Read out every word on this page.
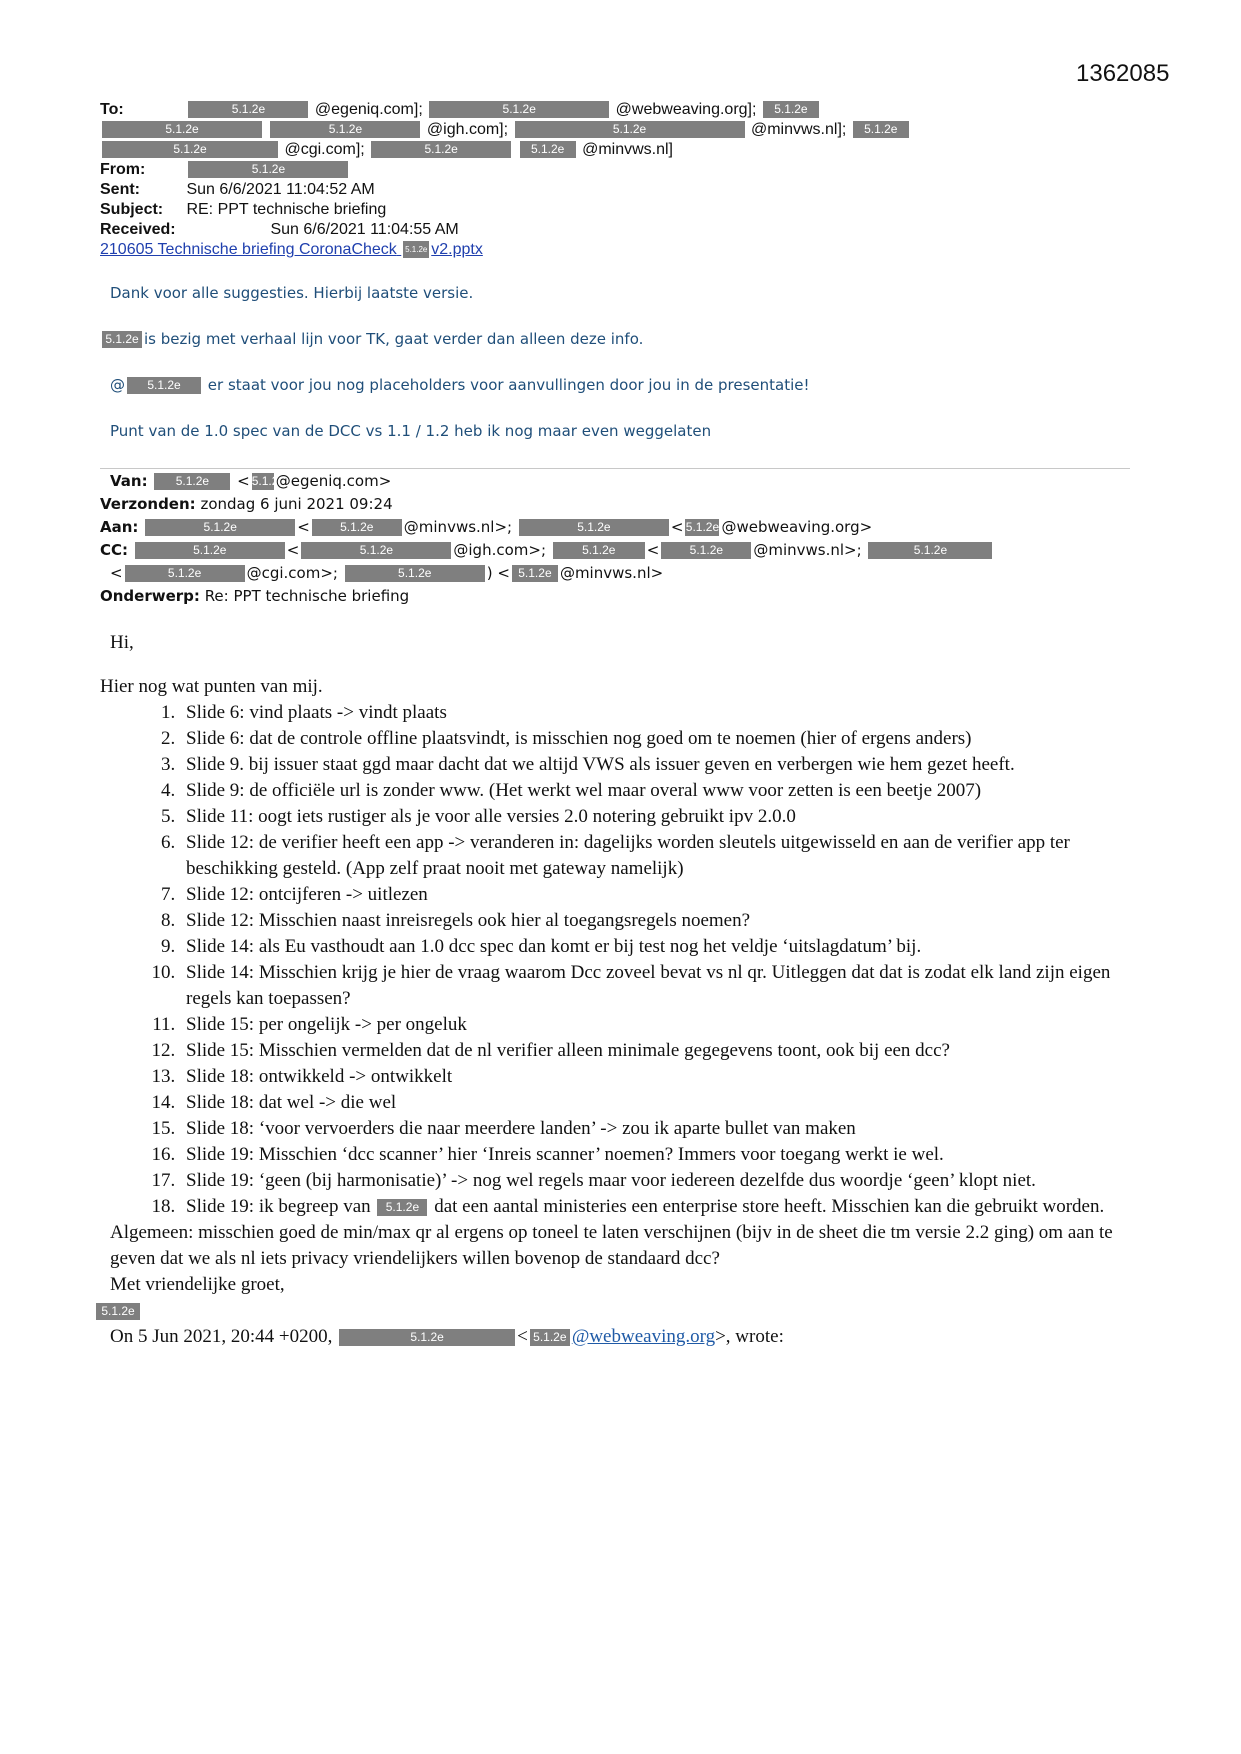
1362085
To:	5.1.2e	@egeniq.com];	5.1.2e	@webweaving.org]; 5.1.2e
5.1.2e	5.1.2e	@igh.com];	5.1.2e	@minvws.nl]; 5.1.2e
5.1.2e	@cgi.com];	5.1.2e	5.1.2e @minvws.nl]
From:	5.1.2e
Sent:	Sun 6/6/2021 11:04:52 AM
Subject: RE: PPT technische briefing
Received:	Sun 6/6/2021 11:04:55 AM
210605 Technische briefing CoronaCheck 5.1.2e v2.pptx

Dank voor alle suggesties. Hierbij laatste versie.

5.1.2e is bezig met verhaal lijn voor TK, gaat verder dan alleen deze info.

@ 5.1.2e er staat voor jou nog placeholders voor aanvullingen door jou in de presentatie!

Punt van de 1.0 spec van de DCC vs 1.1 / 1.2 heb ik nog maar even weggelaten

Van: 5.1.2e < 5.1.2e@egeniq.com>
Verzonden: zondag 6 juni 2021 09:24
Aan:	5.1.2e	<	5.1.2e @minvws.nl>;	5.1.2e	< 5.1.2e @webweaving.org>
CC:	5.1.2e	<	5.1.2e	@igh.com>;	5.1.2e <	5.1.2e @minvws.nl>;	5.1.2e
<	5.1.2e	@cgi.com>;	5.1.2e	) < 5.1.2e @minvws.nl>
Onderwerp: Re: PPT technische briefing

Hi,

Hier nog wat punten van mij.

1. Slide 6: vind plaats -> vindt plaats
2. Slide 6: dat de controle offline plaatsvindt, is misschien nog goed om te noemen (hier of ergens anders)
3. Slide 9. bij issuer staat ggd maar dacht dat we altijd VWS als issuer geven en verbergen wie hem gezet heeft.
4. Slide 9: de officiële url is zonder www. (Het werkt wel maar overal www voor zetten is een beetje 2007)
5. Slide 11: oogt iets rustiger als je voor alle versies 2.0 notering gebruikt ipv 2.0.0
6. Slide 12: de verifier heeft een app -> veranderen in: dagelijks worden sleutels uitgewisseld en aan de verifier app ter beschikking gesteld. (App zelf praat nooit met gateway namelijk)
7. Slide 12: ontcijferen -> uitlezen
8. Slide 12: Misschien naast inreisregels ook hier al toegangsregels noemen?
9. Slide 14: als Eu vasthoudt aan 1.0 dcc spec dan komt er bij test nog het veldje ‘uitslagdatum’ bij.
10. Slide 14: Misschien krijg je hier de vraag waarom Dcc zoveel bevat vs nl qr. Uitleggen dat dat is zodat elk land zijn eigen regels kan toepassen?
11. Slide 15: per ongelijk -> per ongeluk
12. Slide 15: Misschien vermelden dat de nl verifier alleen minimale gegegevens toont, ook bij een dcc?
13. Slide 18: ontwikkeld -> ontwikkelt
14. Slide 18: dat wel -> die wel
15. Slide 18: ‘voor vervoerders die naar meerdere landen’ -> zou ik aparte bullet van maken
16. Slide 19: Misschien ‘dcc scanner’ hier ‘Inreis scanner’ noemen? Immers voor toegang werkt ie wel.
17. Slide 19: ‘geen (bij harmonisatie)’ -> nog wel regels maar voor iedereen dezelfde dus woordje ‘geen’ klopt niet.
18. Slide 19: ik begreep van 5.1.2e dat een aantal ministeries een enterprise store heeft. Misschien kan die gebruikt worden.

Algemeen: misschien goed de min/max qr al ergens op toneel te laten verschijnen (bijv in de sheet die tm versie 2.2 ging) om aan te geven dat we als nl iets privacy vriendelijkers willen bovenop de standaard dcc?

Met vriendelijke groet,

5.1.2e

On 5 Jun 2021, 20:44 +0200,	5.1.2e	< 5.1.2e @webweaving.org>, wrote:
